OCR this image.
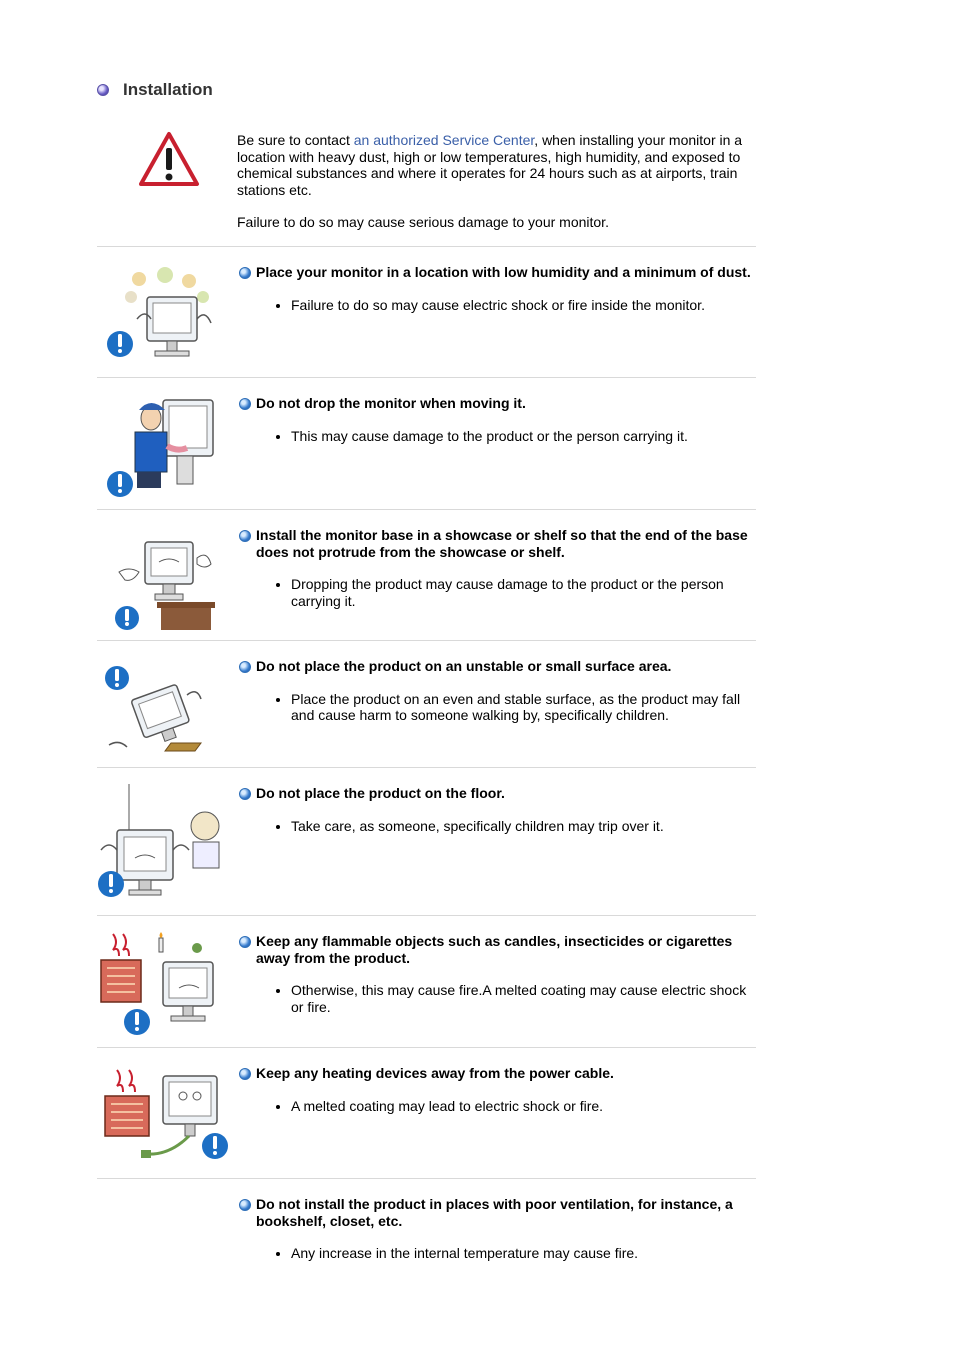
Installation

Be sure to contact an authorized Service Center, when installing your monitor in a location with heavy dust, high or low temperatures, high humidity, and exposed to chemical substances and where it operates for 24 hours such as at airports, train stations etc.

Failure to do so may cause serious damage to your monitor.

Place your monitor in a location with low humidity and a minimum of dust.
• Failure to do so may cause electric shock or fire inside the monitor.
Do not drop the monitor when moving it.
• This may cause damage to the product or the person carrying it.
Install the monitor base in a showcase or shelf so that the end of the base does not protrude from the showcase or shelf.
• Dropping the product may cause damage to the product or the person carrying it.
Do not place the product on an unstable or small surface area.
• Place the product on an even and stable surface, as the product may fall and cause harm to someone walking by, specifically children.
Do not place the product on the floor.
• Take care, as someone, specifically children may trip over it.
Keep any flammable objects such as candles, insecticides or cigarettes away from the product.
• Otherwise, this may cause fire.A melted coating may cause electric shock or fire.
Keep any heating devices away from the power cable.
• A melted coating may lead to electric shock or fire.
Do not install the product in places with poor ventilation, for instance, a bookshelf, closet, etc.
• Any increase in the internal temperature may cause fire.
